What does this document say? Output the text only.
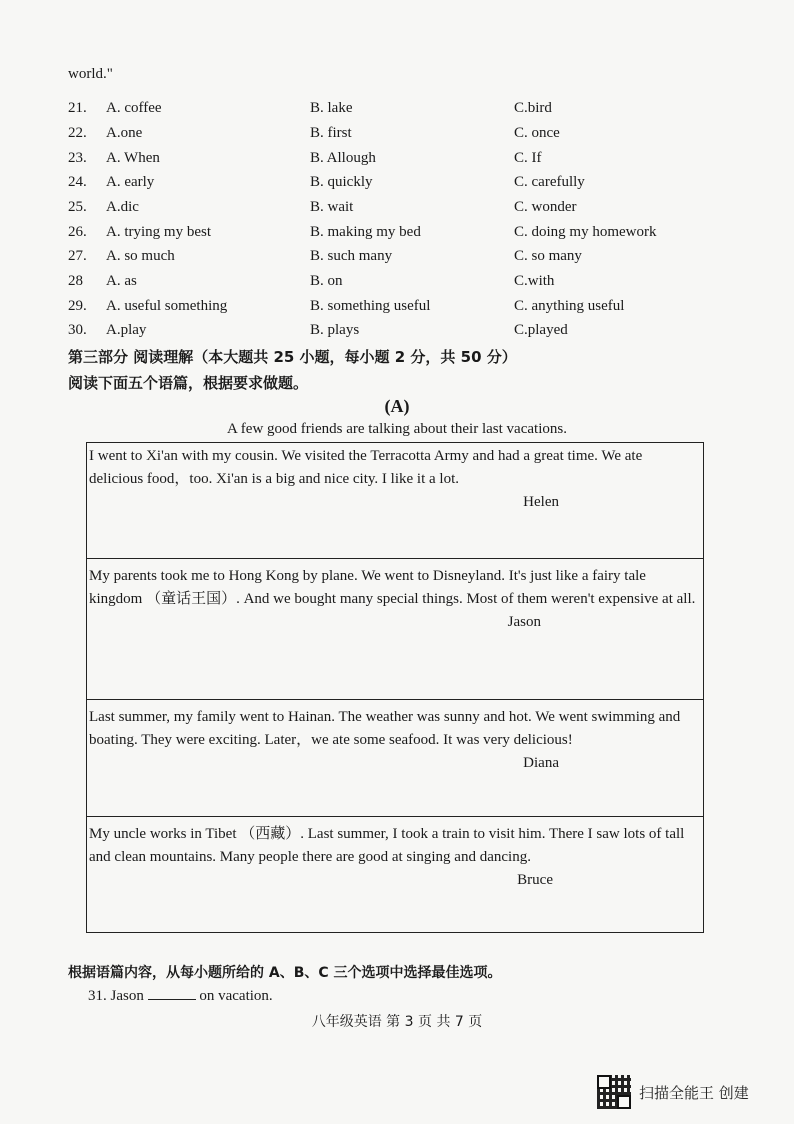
world."
21. A. coffee	B. lake	C.bird
22. A.one	B. first	C. once
23. A. When	B. Allough	C. If
24. A. early	B. quickly	C. carefully
25. A.dic	B. wait	C. wonder
26. A. trying my best	B. making my bed	C. doing my homework
27. A. so much	B. such many	C. so many
28 A. as	B. on	C.with
29. A. useful something	B. something useful	C. anything useful
30. A.play	B. plays	C.played
第三部分 阅读理解（本大题共 25 小题，每小题 2 分，共 50 分）
阅读下面五个语篇，根据要求做题。
(A)
A few good friends are talking about their last vacations.
I went to Xi'an with my cousin. We visited the Terracotta Army and had a great time. We ate delicious food，too. Xi'an is a big and nice city. I like it a lot.
Helen
My parents took me to Hong Kong by plane. We went to Disneyland. It's just like a fairy tale kingdom （童话王国）. And we bought many special things. Most of them weren't expensive at all.
Jason
Last summer, my family went to Hainan. The weather was sunny and hot. We went swimming and boating. They were exciting. Later，we ate some seafood. It was very delicious!
Diana
My uncle works in Tibet （西藏）. Last summer, I took a train to visit him. There I saw lots of tall and clean mountains. Many people there are good at singing and dancing.
Bruce
根据语篇内容，从每小题所给的 A、B、C 三个选项中选择最佳选项。
31. Jason	on vacation.
八年级英语 第 3 页 共 7 页
扫描全能王 创建
